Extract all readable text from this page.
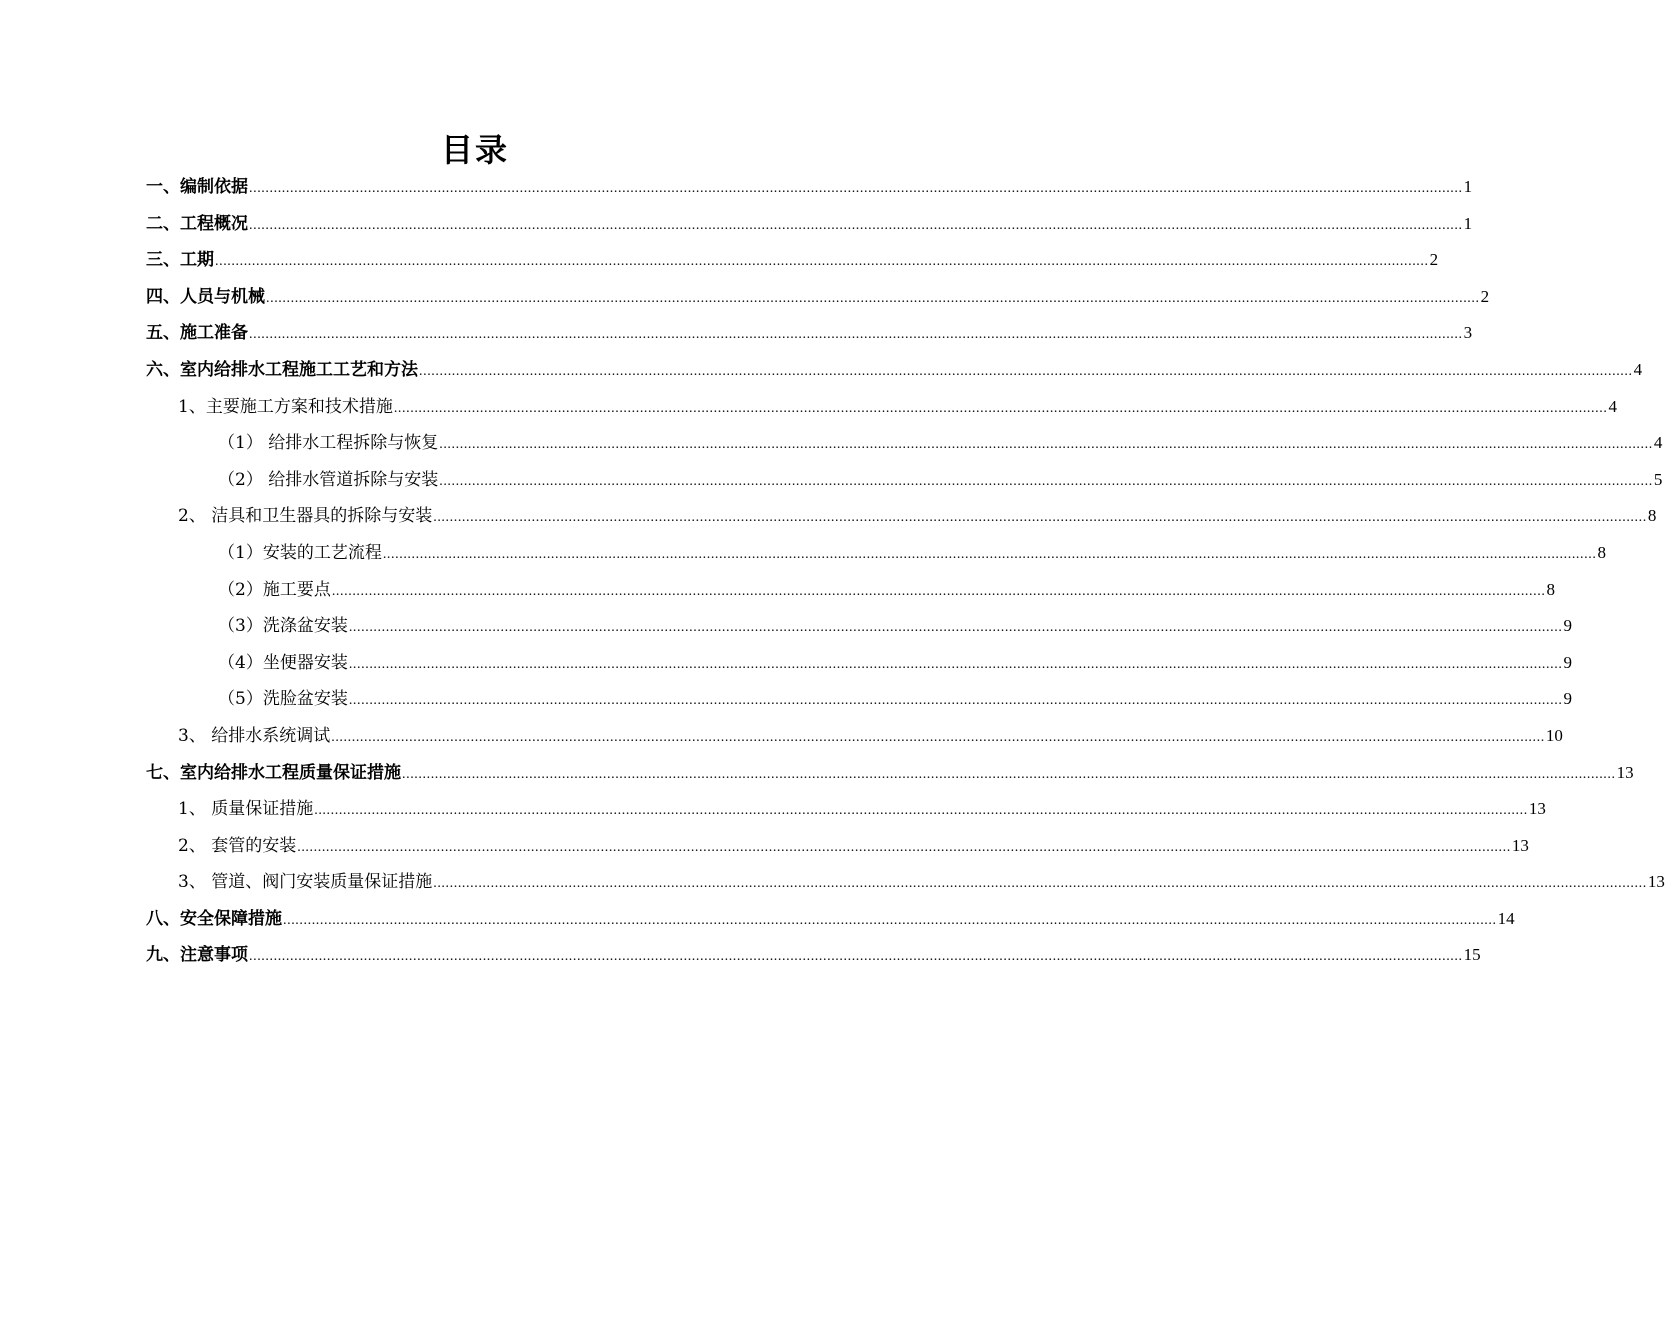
目录
一、编制依据 ........................................................................................................................................................................................................................................................................................................ 1
二、工程概况 ........................................................................................................................................................................................................................................................................................................ 1
三、工期 ........................................................................................................................................................................................................................................................................................................ 2
四、人员与机械 ........................................................................................................................................................................................................................................................................................................ 2
五、施工准备 ........................................................................................................................................................................................................................................................................................................ 3
六、室内给排水工程施工工艺和方法 ........................................................................................................................................................................................................................................................................................................ 4
1、主要施工方案和技术措施 ........................................................................................................................................................................................................................................................................................................ 4
（1） 给排水工程拆除与恢复 ........................................................................................................................................................................................................................................................................................................ 4
（2） 给排水管道拆除与安装 ........................................................................................................................................................................................................................................................................................................ 5
2、 洁具和卫生器具的拆除与安装 ........................................................................................................................................................................................................................................................................................................ 8
（1）安装的工艺流程 ........................................................................................................................................................................................................................................................................................................ 8
（2）施工要点 ........................................................................................................................................................................................................................................................................................................ 8
（3）洗涤盆安装 ........................................................................................................................................................................................................................................................................................................ 9
（4）坐便器安装 ........................................................................................................................................................................................................................................................................................................ 9
（5）洗脸盆安装 ........................................................................................................................................................................................................................................................................................................ 9
3、 给排水系统调试 ........................................................................................................................................................................................................................................................................................................ 10
七、室内给排水工程质量保证措施 ........................................................................................................................................................................................................................................................................................................ 13
1、 质量保证措施 ........................................................................................................................................................................................................................................................................................................ 13
2、 套管的安装 ........................................................................................................................................................................................................................................................................................................ 13
3、 管道、阀门安装质量保证措施 ........................................................................................................................................................................................................................................................................................................ 13
八、安全保障措施 ........................................................................................................................................................................................................................................................................................................ 14
九、注意事项 ........................................................................................................................................................................................................................................................................................................ 15
